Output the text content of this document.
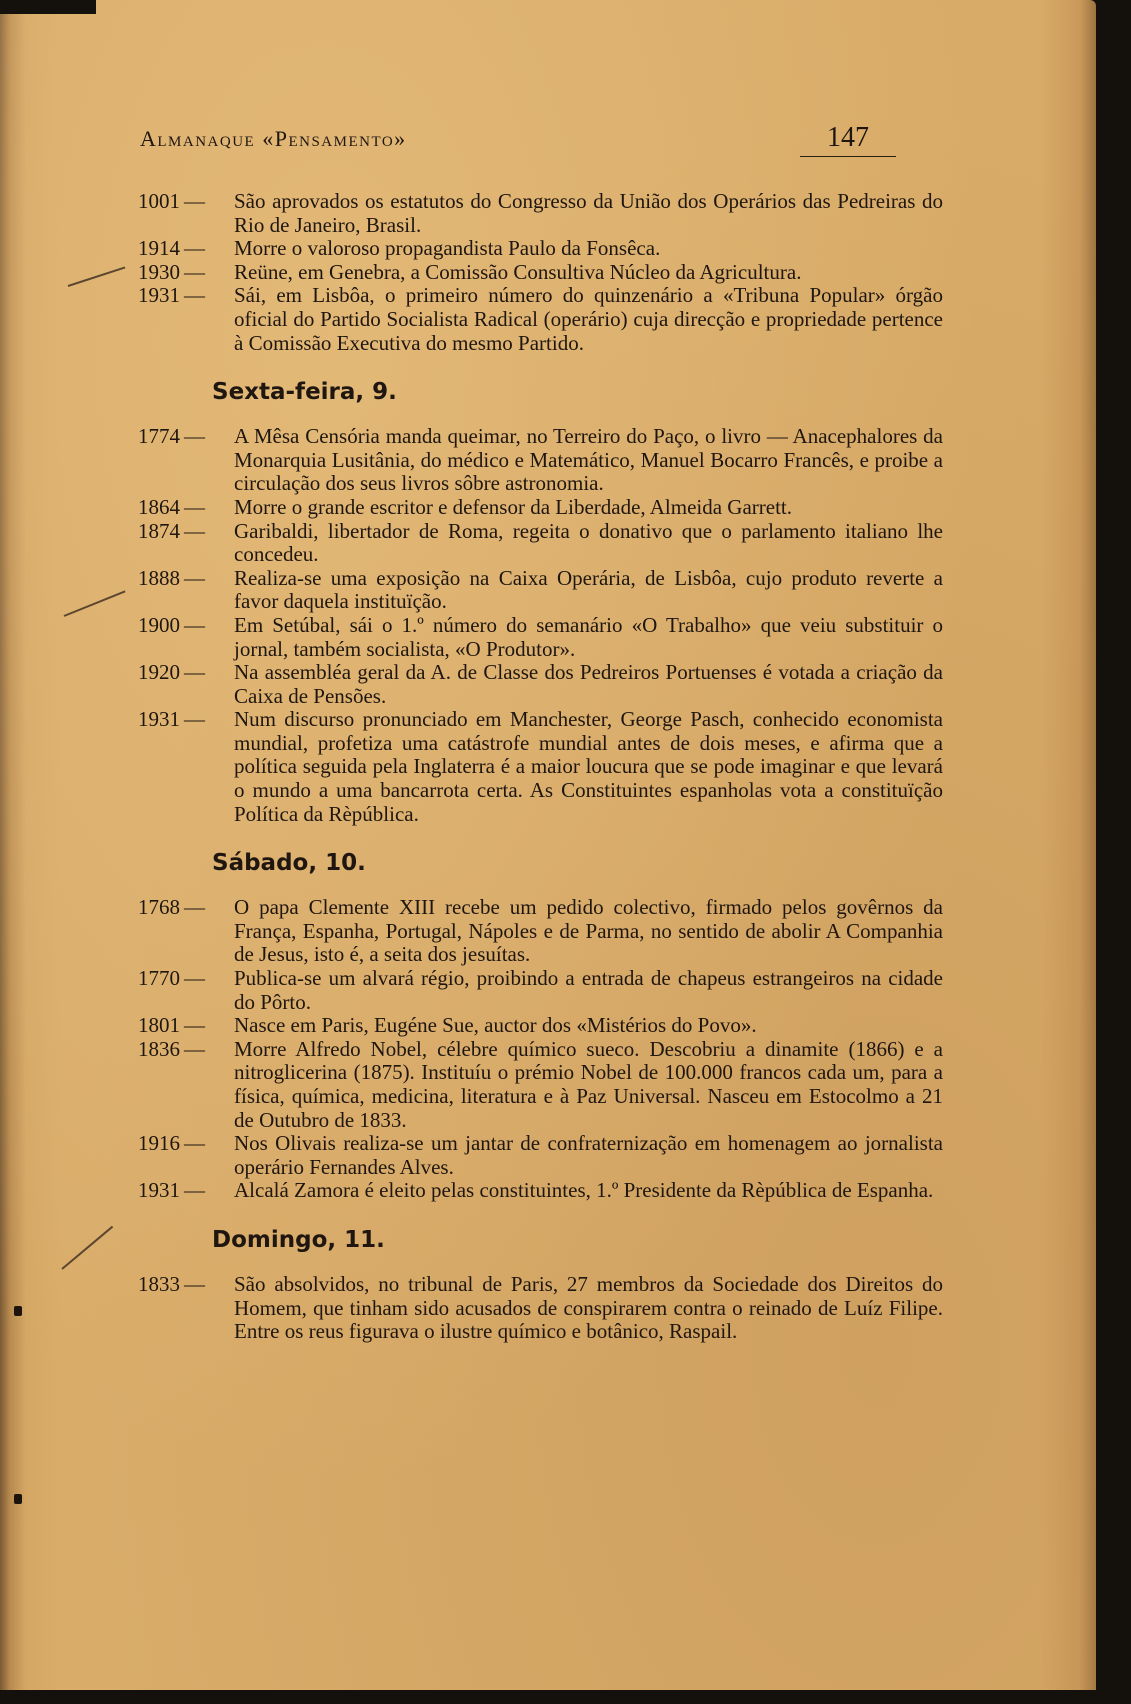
Almanaque «Pensamento»	147
1001 — São aprovados os estatutos do Congresso da União dos Operários das Pedreiras do Rio de Janeiro, Brasil.
1914 — Morre o valoroso propagandista Paulo da Fonsêca.
1930 — Reüne, em Genebra, a Comissão Consultiva Núcleo da Agricultura.
1931 — Sái, em Lisbôa, o primeiro número do quinzenário a «Tribuna Popular» órgão oficial do Partido Socialista Radical (operário) cuja direcção e propriedade pertence à Comissão Executiva do mesmo Partido.
Sexta-feira, 9.
1774 — A Mêsa Censória manda queimar, no Terreiro do Paço, o livro — Anacephalores da Monarquia Lusitânia, do médico e Matemático, Manuel Bocarro Francês, e proibe a circulação dos seus livros sôbre astronomia.
1864 — Morre o grande escritor e defensor da Liberdade, Almeida Garrett.
1874 — Garibaldi, libertador de Roma, regeita o donativo que o parlamento italiano lhe concedeu.
1888 — Realiza-se uma exposição na Caixa Operária, de Lisbôa, cujo produto reverte a favor daquela instituïção.
1900 — Em Setúbal, sái o 1.º número do semanário «O Trabalho» que veiu substituir o jornal, também socialista, «O Produtor».
1920 — Na assembléa geral da A. de Classe dos Pedreiros Portuenses é votada a criação da Caixa de Pensões.
1931 — Num discurso pronunciado em Manchester, George Pasch, conhecido economista mundial, profetiza uma catástrofe mundial antes de dois meses, e afirma que a política seguida pela Inglaterra é a maior loucura que se pode imaginar e que levará o mundo a uma bancarrota certa. As Constituintes espanholas vota a constituïção Política da Rèpública.
Sábado, 10.
1768 — O papa Clemente XIII recebe um pedido colectivo, firmado pelos govêrnos da França, Espanha, Portugal, Nápoles e de Parma, no sentido de abolir A Companhia de Jesus, isto é, a seita dos jesuítas.
1770 — Publica-se um alvará régio, proibindo a entrada de chapeus estrangeiros na cidade do Pôrto.
1801 — Nasce em Paris, Eugéne Sue, auctor dos «Mistérios do Povo».
1836 — Morre Alfredo Nobel, célebre químico sueco. Descobriu a dinamite (1866) e a nitroglicerina (1875). Instituíu o prémio Nobel de 100.000 francos cada um, para a física, química, medicina, literatura e à Paz Universal. Nasceu em Estocolmo a 21 de Outubro de 1833.
1916 — Nos Olivais realiza-se um jantar de confraternização em homenagem ao jornalista operário Fernandes Alves.
1931 — Alcalá Zamora é eleito pelas constituintes, 1.º Presidente da Rèpública de Espanha.
Domingo, 11.
1833 — São absolvidos, no tribunal de Paris, 27 membros da Sociedade dos Direitos do Homem, que tinham sido acusados de conspirarem contra o reinado de Luíz Filipe. Entre os reus figurava o ilustre químico e botânico, Raspail.
